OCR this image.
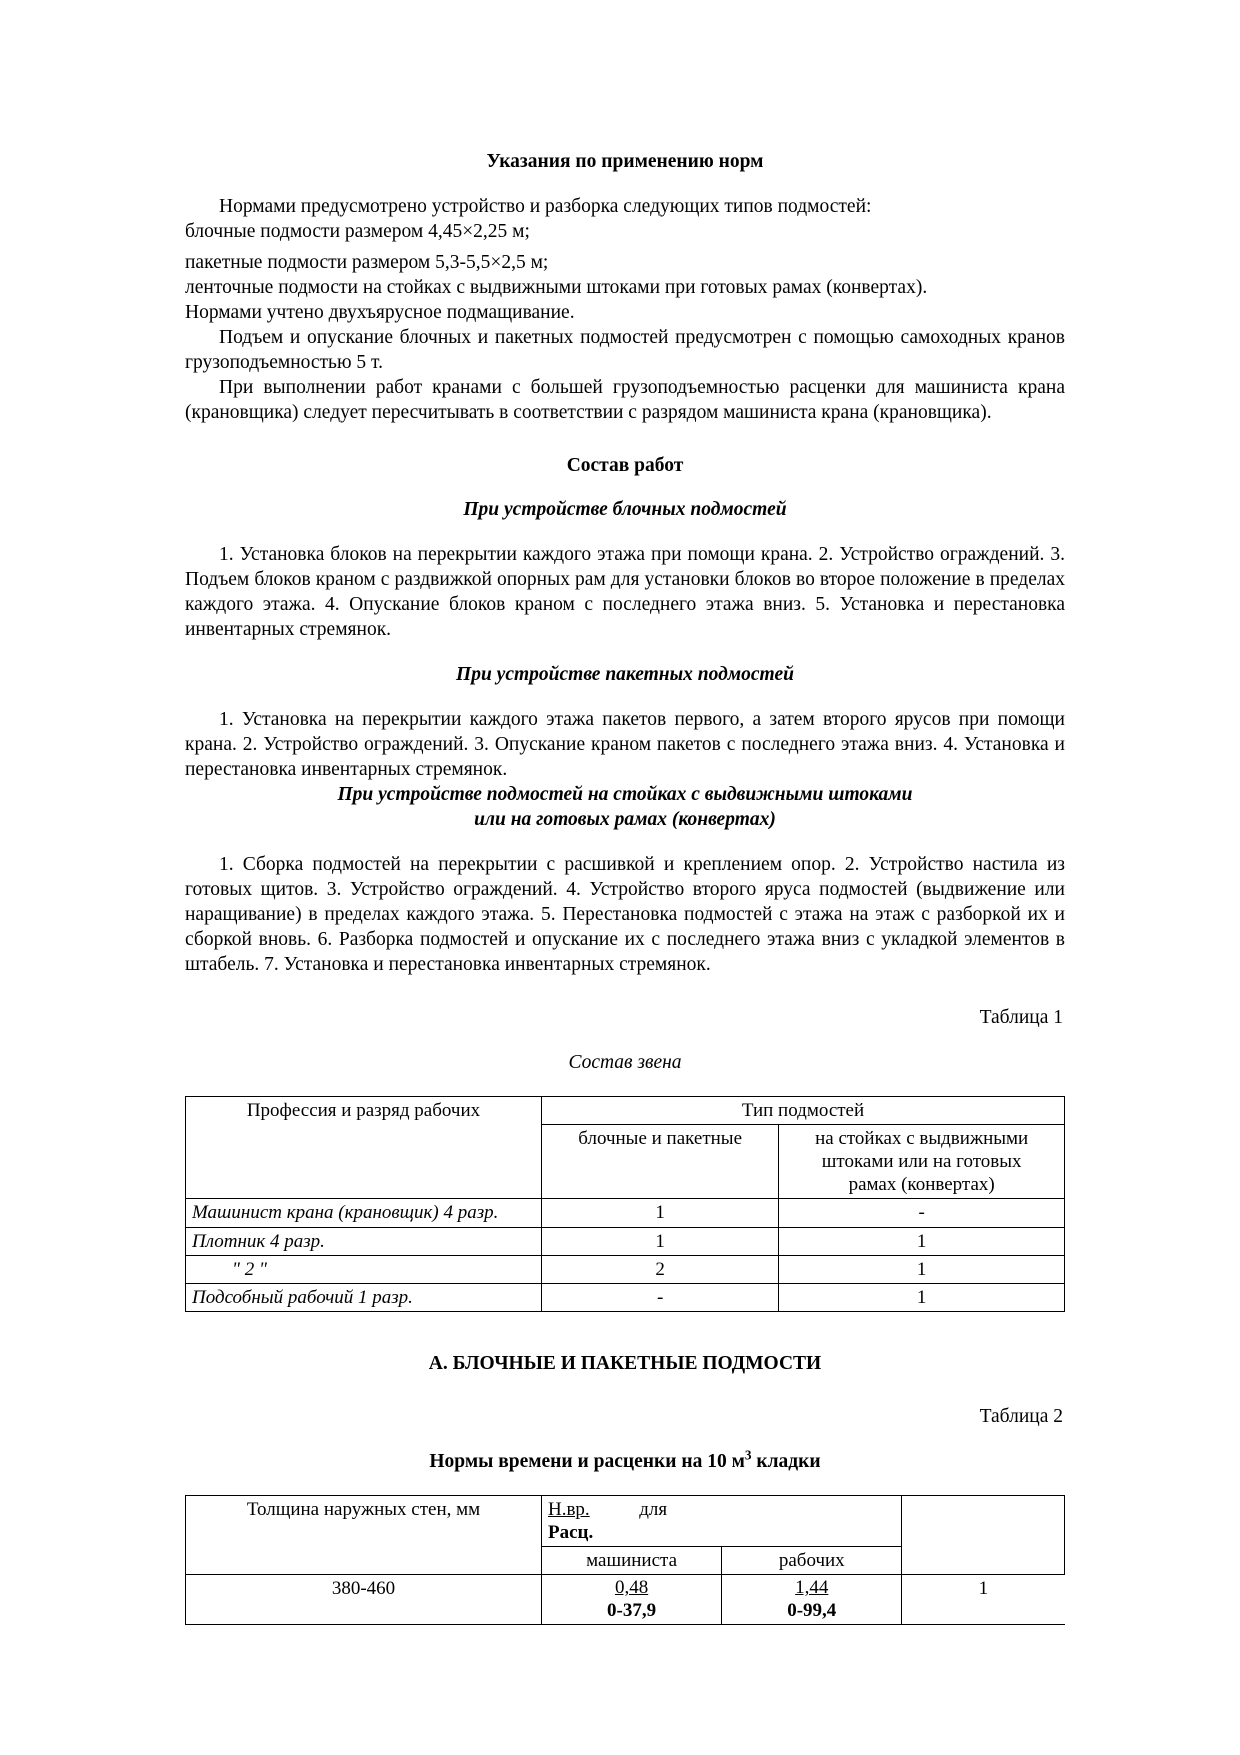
Указания по применению норм

Нормами предусмотрено устройство и разборка следующих типов подмостей:

блочные подмости размером 4,45×2,25 м;

пакетные подмости размером 5,3-5,5×2,5 м;

ленточные подмости на стойках с выдвижными штоками при готовых рамах (конвертах).

Нормами учтено двухъярусное подмащивание.

Подъем и опускание блочных и пакетных подмостей предусмотрен с помощью самоходных кранов грузоподъемностью 5 т.

При выполнении работ кранами с большей грузоподъемностью расценки для машиниста крана (крановщика) следует пересчитывать в соответствии с разрядом машиниста крана (крановщика).

Состав работ
При устройстве блочных подмостей

1. Установка блоков на перекрытии каждого этажа при помощи крана. 2. Устройство ограждений. 3. Подъем блоков краном с раздвижкой опорных рам для установки блоков во второе положение в пределах каждого этажа. 4. Опускание блоков краном с последнего этажа вниз. 5. Установка и перестановка инвентарных стремянок.

При устройстве пакетных подмостей

1. Установка на перекрытии каждого этажа пакетов первого, а затем второго ярусов при помощи крана. 2. Устройство ограждений. 3. Опускание краном пакетов с последнего этажа вниз. 4. Установка и перестановка инвентарных стремянок.

При устройстве подмостей на стойках с выдвижными штоками
или на готовых рамах (конвертах)

1. Сборка подмостей на перекрытии с расшивкой и креплением опор. 2. Устройство настила из готовых щитов. 3. Устройство ограждений. 4. Устройство второго яруса подмостей (выдвижение или наращивание) в пределах каждого этажа. 5. Перестановка подмостей с этажа на этаж с разборкой их и сборкой вновь. 6. Разборка подмостей и опускание их с последнего этажа вниз с укладкой элементов в штабель. 7. Установка и перестановка инвентарных стремянок.

Таблица 1

Состав звена

Профессия и разряд рабочих	Тип подмостей	
	блочные и пакетные	на стойках с выдвижными
штоками или на готовых
рамах (конвертах)

Машинист крана (крановщик) 4 разр.	1	-
Плотник 4 разр.	1	1
" 2 "	2	1
Подсобный рабочий 1 разр.	-	1
А. БЛОЧНЫЕ И ПАКЕТНЫЕ ПОДМОСТИ

Таблица 2

Нормы времени и расценки на 10 $м^3$ кладки

Толщина наружных стен, мм	$\frac{Н.вр.}{\text{Расц.}}$ для		

	машиниста	рабочих	
380-460	$\frac{0,48}{0-37,9}$	$\frac{1,44}{0-99,4}$	1
